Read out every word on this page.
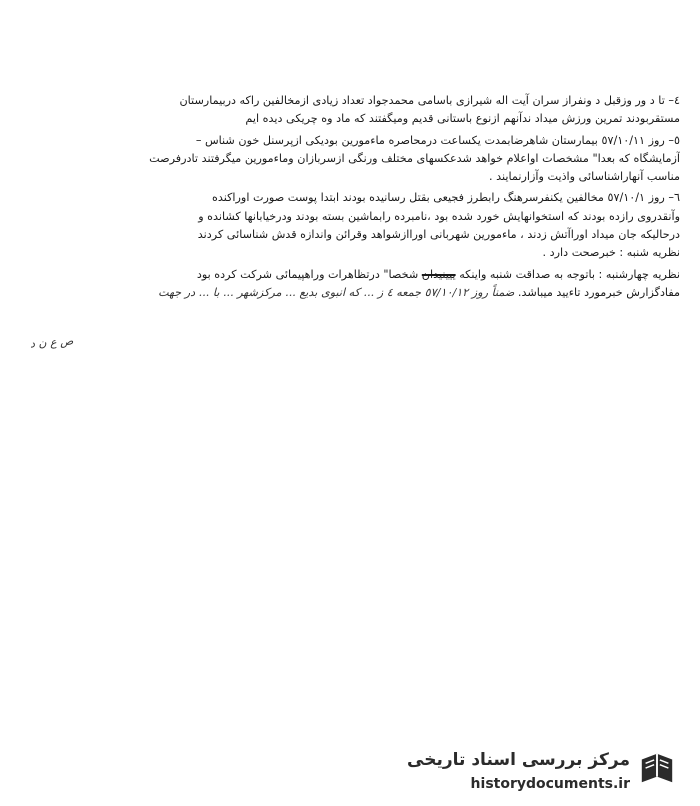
٤– تا د ور وزقبل د ونفراز سران آیت اله شیرازی باسامی محمدجواد تعداد زیادی ازمخالفین راکه دربیمارستان
مستقربودند تمرین ورزش میداد ندآنهم ازنوع باستانی قدیم ومیگفتند که ماد وه چریکی دیده ایم
٥– روز ٥٧/١٠/١١ بیمارستان شاهرضابمدت یکساعت درمحاصره ماءمورین بودیکی ازپرسنل خون شناس –
آزمایشگاه که بعدا" مشخصات اواعلام خواهد شدعکسهای مختلف ورنگی ازسربازان وماءمورین میگرفتند تادرفرصت
مناسب آنهاراشناسائی واذیت وآزارنمایند .
٦– روز ٥٧/١٠/١ مخالفین یکنفرسرهنگ رابطرز فجیعی بقتل رسانیده بودند ابتدا پوست صورت اوراکنده
وآنقدروی رازده بودند که استخوانهایش خورد شده بود ،نامبرده رابماشین بسته بودند ودرخیابانها کشانده و
درحالیکه جان میداد اوراآتش زدند ، ماءمورین شهربانی اوراازشواهد وقرائن واندازه قدش شناسائی کردند
نظریه شنبه : خبرصحت دارد .
نظریه چهارشنبه : باتوجه به صداقت شنبه واینکه ییینیدان شخصا" درتظاهرات وراهپیمائی شرکت کرده بود
مفادگزارش خبرمورد تاءیید میباشد. ضمناً روز ٥٧/١٠/١٢ جمعه ٤ ز ... که انبوی بدیع ... مرکزشهر ... با ... در جهت
ص ع ن د
مرکز بررسی اسناد تاریخی
historydocuments.ir
